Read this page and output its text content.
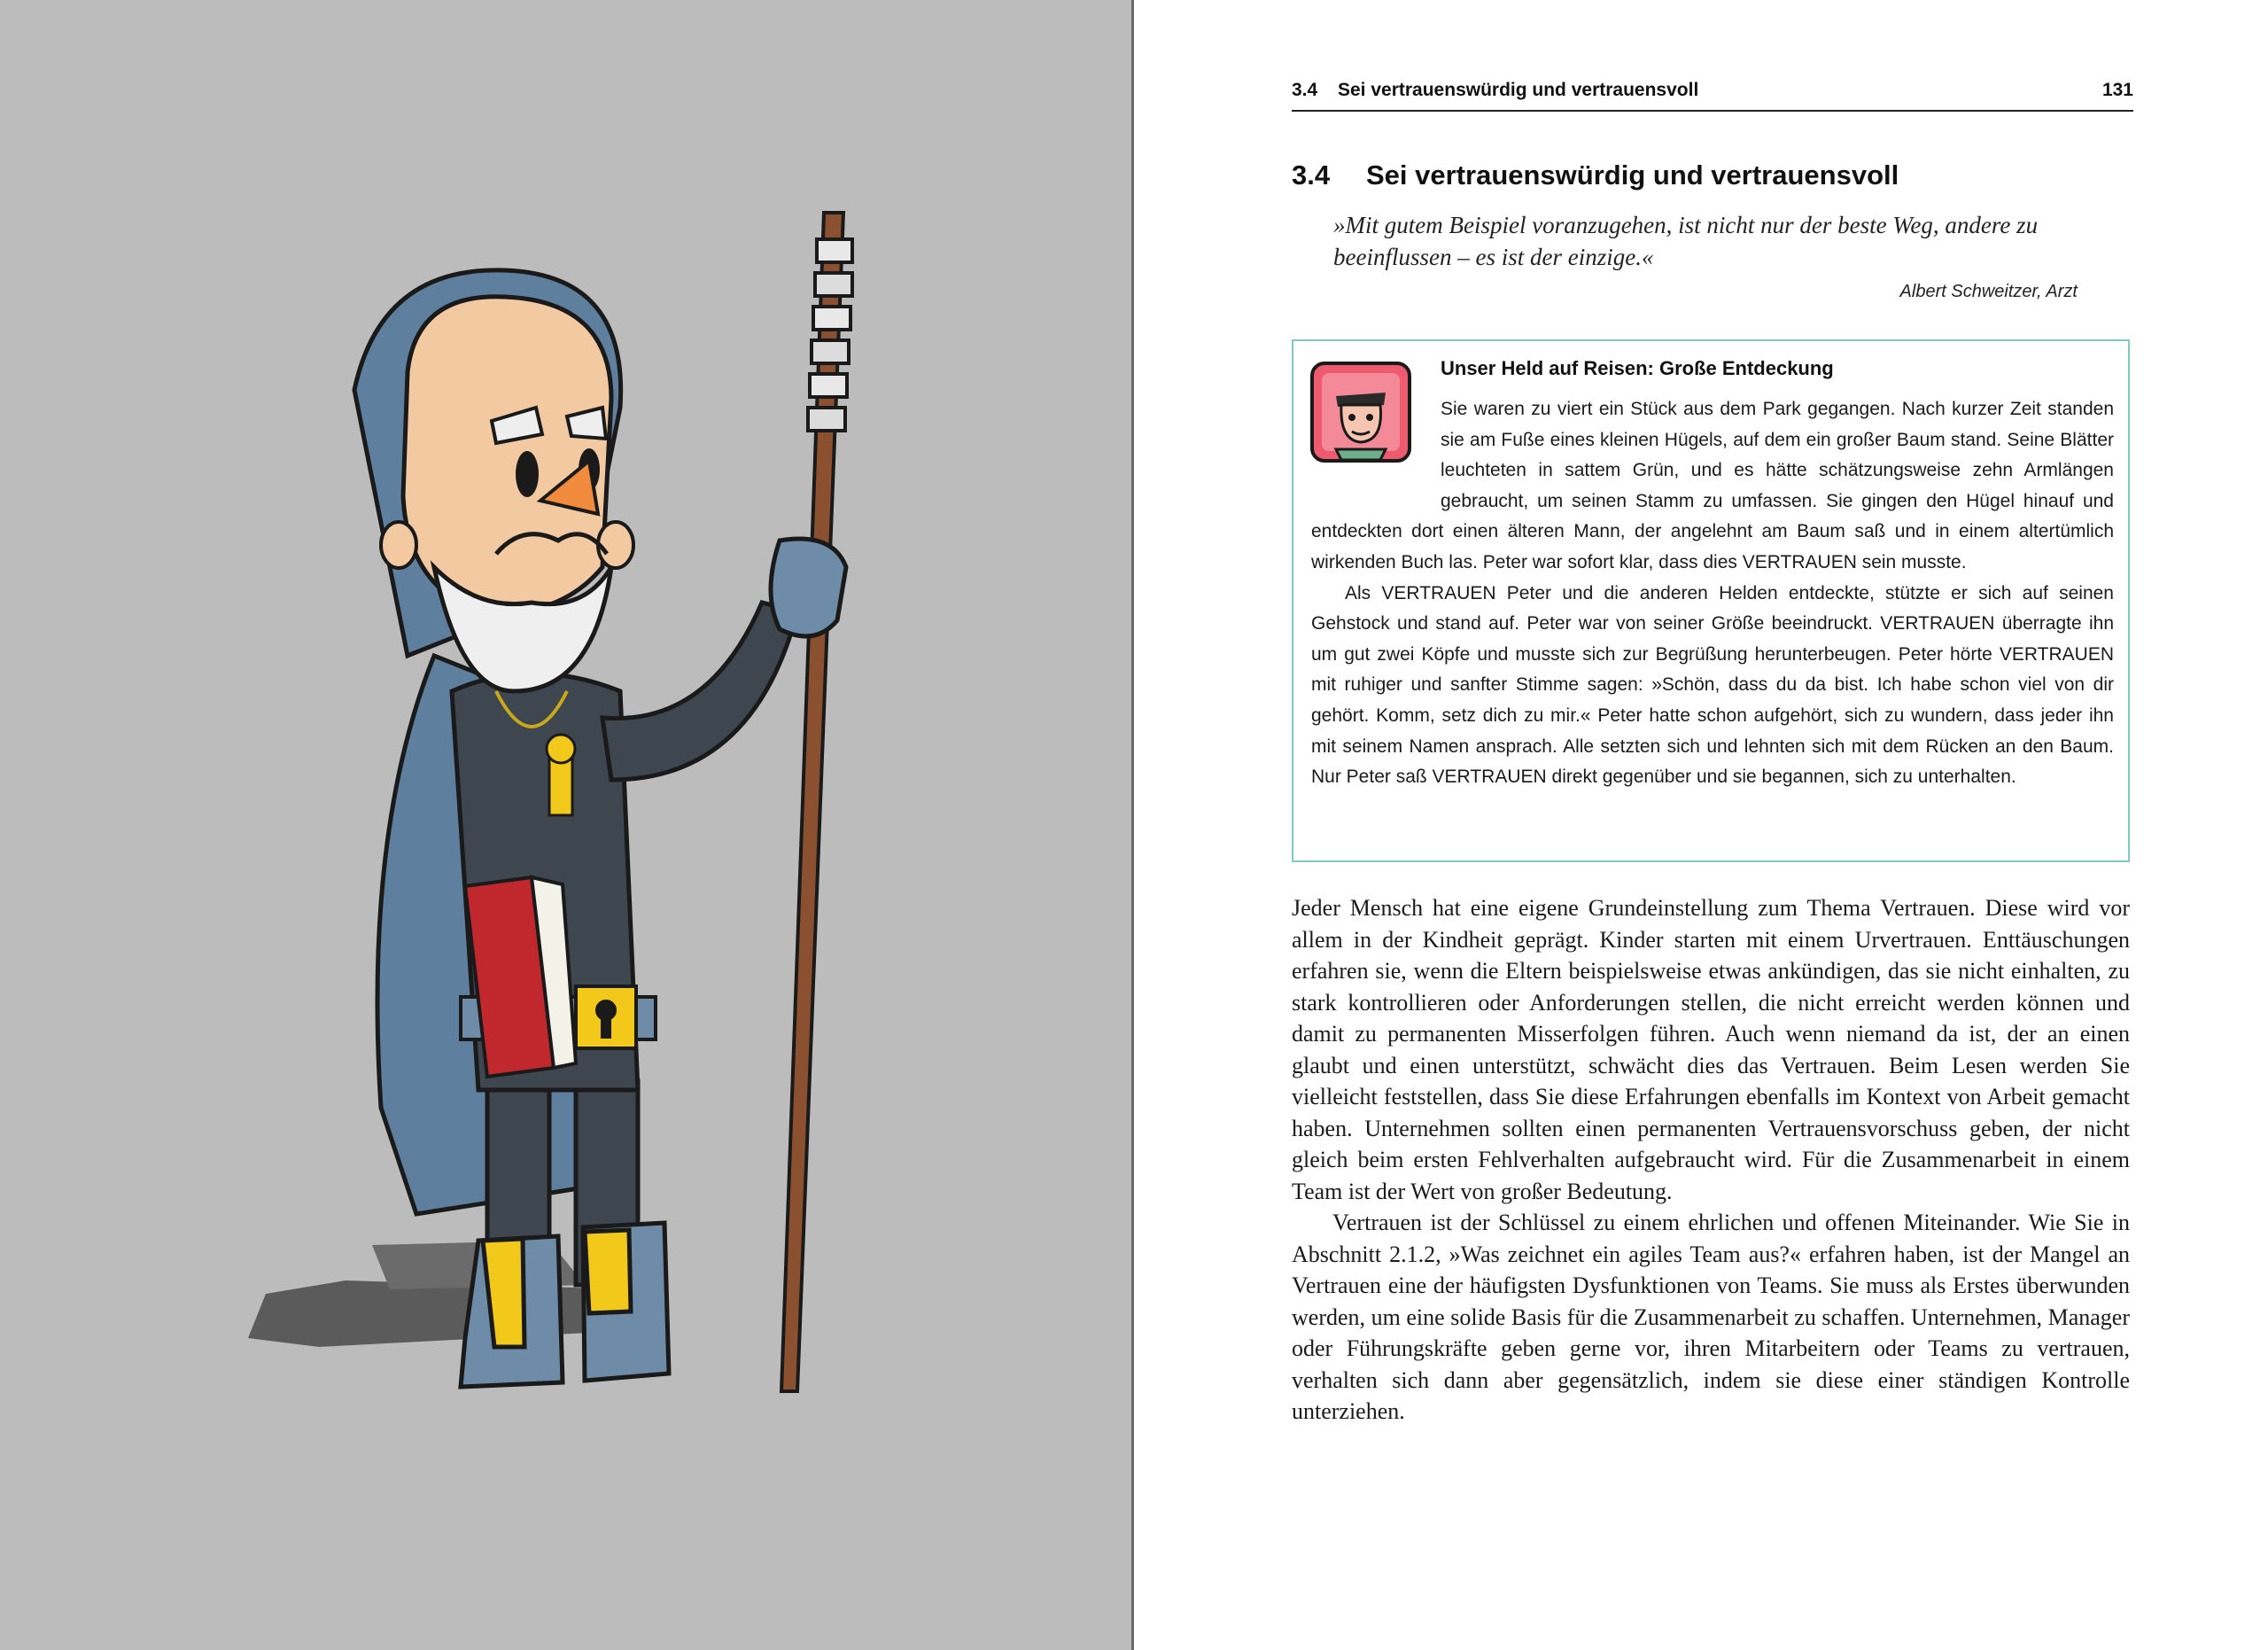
3.4 Sei vertrauenswürdig und vertrauensvoll	131
3.4 Sei vertrauenswürdig und vertrauensvoll
»Mit gutem Beispiel voranzugehen, ist nicht nur der beste Weg, andere zu beeinflussen – es ist der einzige.«
Albert Schweitzer, Arzt
Unser Held auf Reisen: Große Entdeckung

Sie waren zu viert ein Stück aus dem Park gegangen. Nach kurzer Zeit standen sie am Fuße eines kleinen Hügels, auf dem ein großer Baum stand. Seine Blätter leuchteten in sattem Grün, und es hätte schätzungsweise zehn Armlängen gebraucht, um seinen Stamm zu umfassen. Sie gingen den Hügel hinauf und entdeckten dort einen älteren Mann, der angelehnt am Baum saß und in einem altertümlich wirkenden Buch las. Peter war sofort klar, dass dies VERTRAUEN sein musste.

Als VERTRAUEN Peter und die anderen Helden entdeckte, stützte er sich auf seinen Gehstock und stand auf. Peter war von seiner Größe beeindruckt. VERTRAUEN überragte ihn um gut zwei Köpfe und musste sich zur Begrüßung herunterbeugen. Peter hörte VERTRAUEN mit ruhiger und sanfter Stimme sagen: »Schön, dass du da bist. Ich habe schon viel von dir gehört. Komm, setz dich zu mir.« Peter hatte schon aufgehört, sich zu wundern, dass jeder ihn mit seinem Namen ansprach. Alle setzten sich und lehnten sich mit dem Rücken an den Baum. Nur Peter saß VERTRAUEN direkt gegenüber und sie begannen, sich zu unterhalten.

Jeder Mensch hat eine eigene Grundeinstellung zum Thema Vertrauen. Diese wird vor allem in der Kindheit geprägt. Kinder starten mit einem Urvertrauen. Enttäuschungen erfahren sie, wenn die Eltern beispielsweise etwas ankündigen, das sie nicht einhalten, zu stark kontrollieren oder Anforderungen stellen, die nicht erreicht werden können und damit zu permanenten Misserfolgen führen. Auch wenn niemand da ist, der an einen glaubt und einen unterstützt, schwächt dies das Vertrauen. Beim Lesen werden Sie vielleicht feststellen, dass Sie diese Erfahrungen ebenfalls im Kontext von Arbeit gemacht haben. Unternehmen sollten einen permanenten Vertrauensvorschuss geben, der nicht gleich beim ersten Fehlverhalten aufgebraucht wird. Für die Zusammenarbeit in einem Team ist der Wert von großer Bedeutung.

Vertrauen ist der Schlüssel zu einem ehrlichen und offenen Miteinander. Wie Sie in Abschnitt 2.1.2, »Was zeichnet ein agiles Team aus?« erfahren haben, ist der Mangel an Vertrauen eine der häufigsten Dysfunktionen von Teams. Sie muss als Erstes überwunden werden, um eine solide Basis für die Zusammenarbeit zu schaffen. Unternehmen, Manager oder Führungskräfte geben gerne vor, ihren Mitarbeitern oder Teams zu vertrauen, verhalten sich dann aber gegensätzlich, indem sie diese einer ständigen Kontrolle unterziehen.
